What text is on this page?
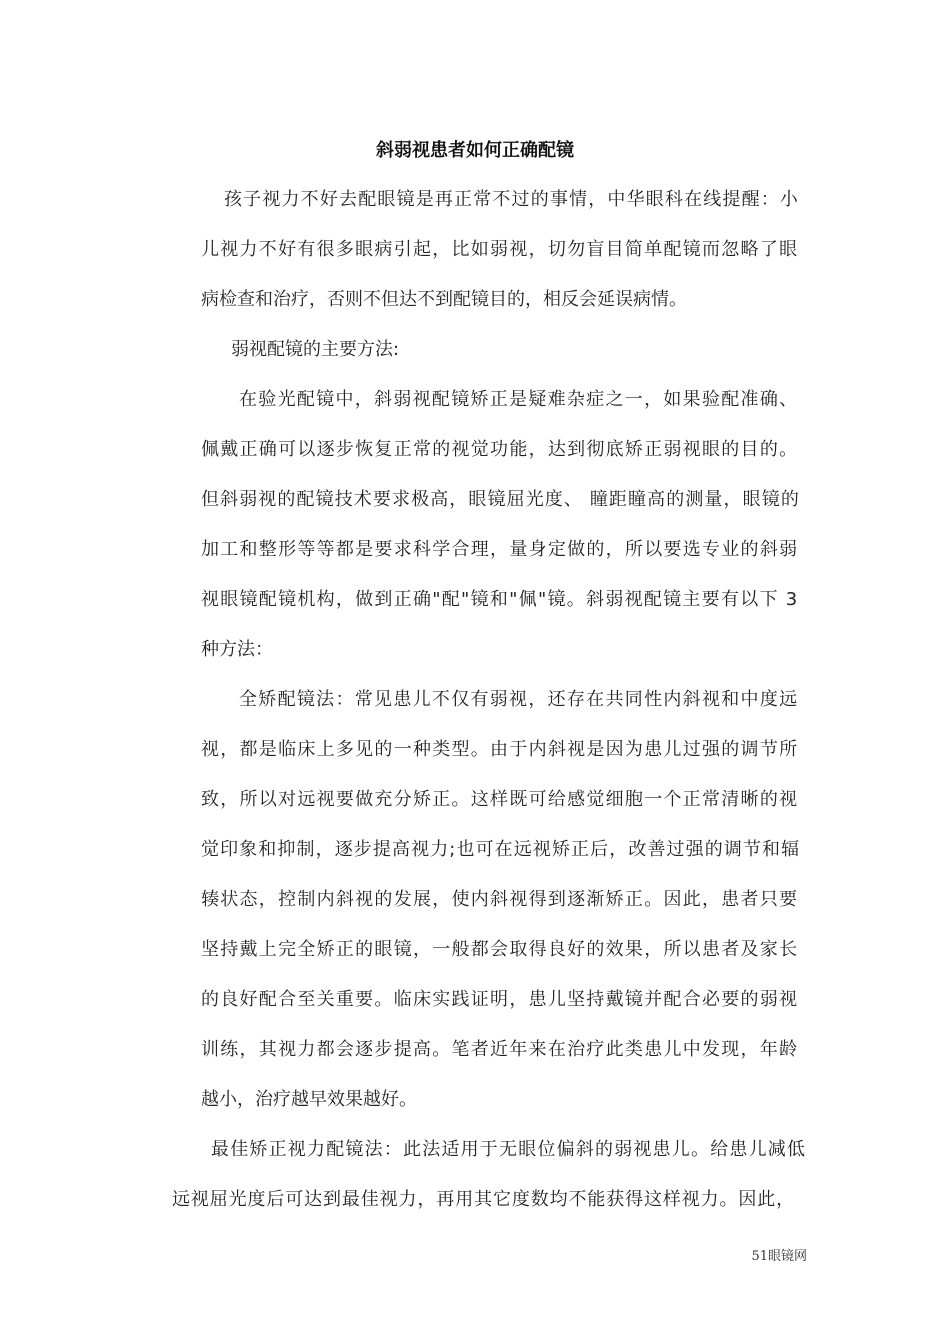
斜弱视患者如何正确配镜
孩子视力不好去配眼镜是再正常不过的事情，中华眼科在线提醒：小
儿视力不好有很多眼病引起，比如弱视，切勿盲目简单配镜而忽略了眼
病检查和治疗，否则不但达不到配镜目的，相反会延误病情。
弱视配镜的主要方法:
在验光配镜中，斜弱视配镜矫正是疑难杂症之一，如果验配准确、
佩戴正确可以逐步恢复正常的视觉功能，达到彻底矫正弱视眼的目的。
但斜弱视的配镜技术要求极高，眼镜屈光度、 瞳距瞳高的测量，眼镜的
加工和整形等等都是要求科学合理，量身定做的，所以要选专业的斜弱
视眼镜配镜机构，做到正确"配"镜和"佩"镜。斜弱视配镜主要有以下 3
种方法：
全矫配镜法：常见患儿不仅有弱视，还存在共同性内斜视和中度远
视，都是临床上多见的一种类型。由于内斜视是因为患儿过强的调节所
致，所以对远视要做充分矫正。这样既可给感觉细胞一个正常清晰的视
觉印象和抑制，逐步提高视力;也可在远视矫正后，改善过强的调节和辐
辏状态，控制内斜视的发展，使内斜视得到逐渐矫正。因此，患者只要
坚持戴上完全矫正的眼镜，一般都会取得良好的效果，所以患者及家长
的良好配合至关重要。临床实践证明，患儿坚持戴镜并配合必要的弱视
训练，其视力都会逐步提高。笔者近年来在治疗此类患儿中发现，年龄
越小，治疗越早效果越好。
最佳矫正视力配镜法：此法适用于无眼位偏斜的弱视患儿。给患儿减低
远视屈光度后可达到最佳视力，再用其它度数均不能获得这样视力。因此，
51眼镜网
